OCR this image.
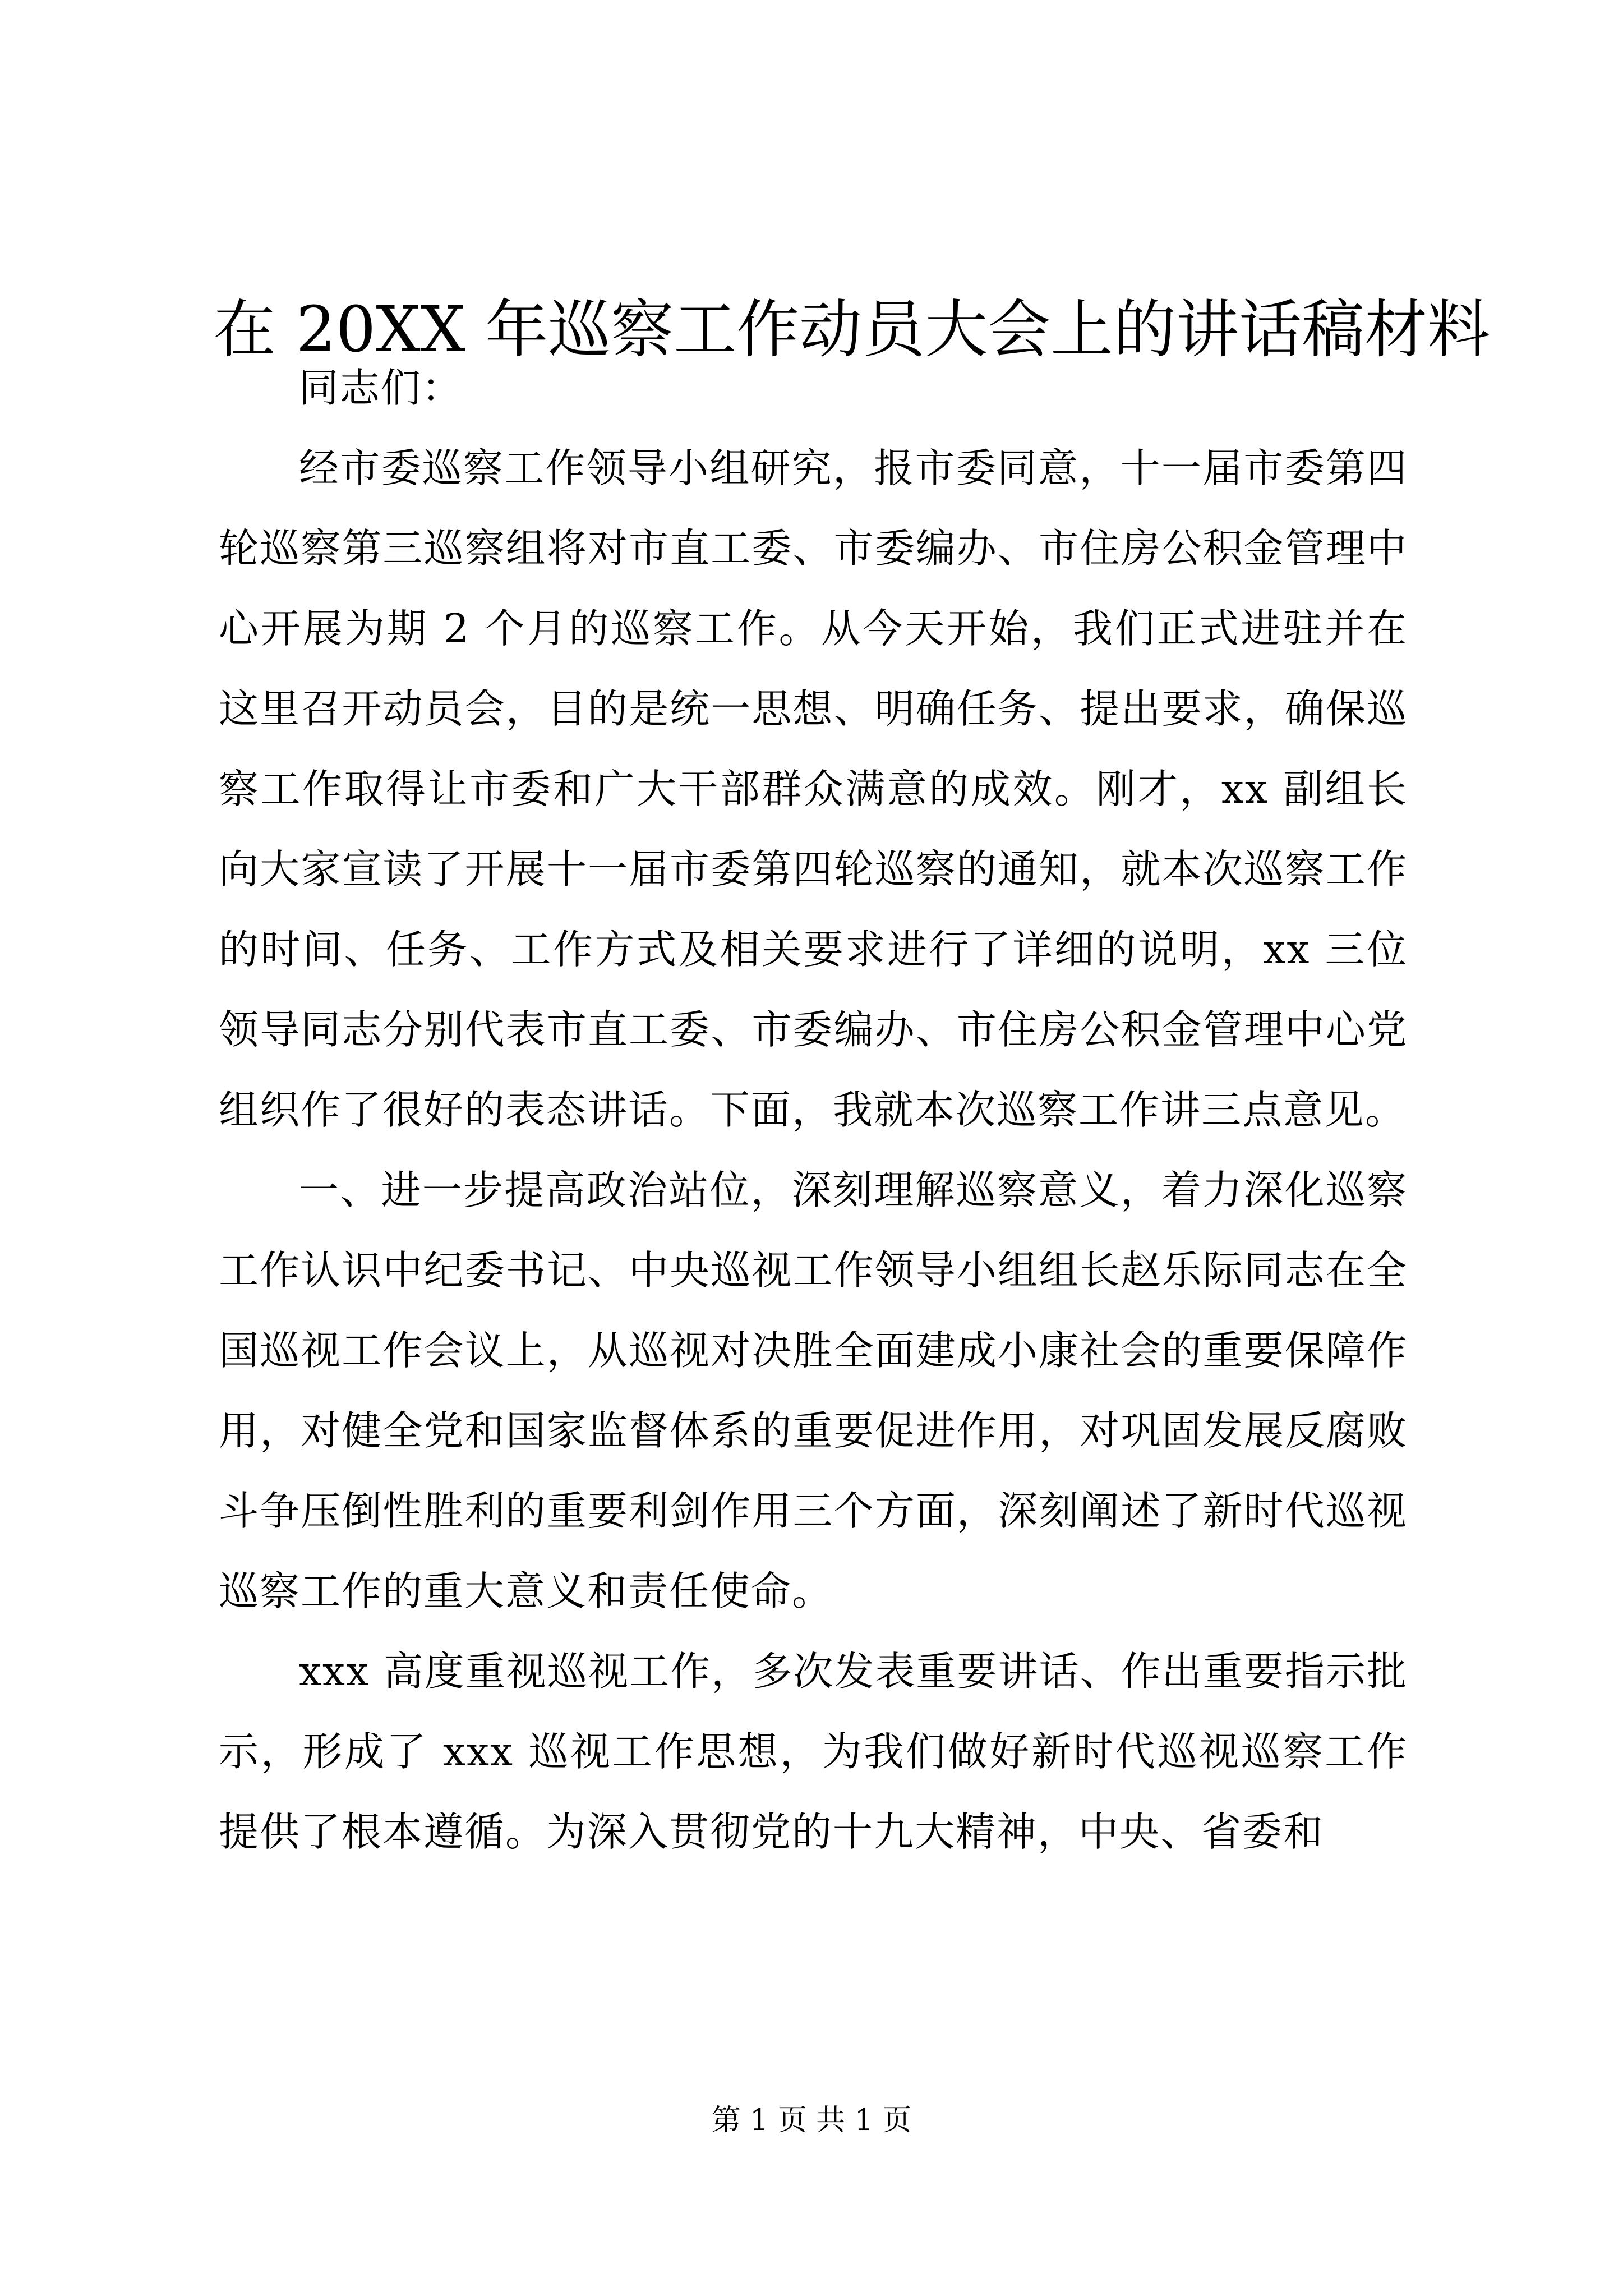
在 20XX 年巡察工作动员大会上的讲话稿材料

同志们：

经市委巡察工作领导小组研究，报市委同意，十一届市委第四轮巡察第三巡察组将对市直工委、市委编办、市住房公积金管理中心开展为期 2 个月的巡察工作。从今天开始，我们正式进驻并在这里召开动员会，目的是统一思想、明确任务、提出要求，确保巡察工作取得让市委和广大干部群众满意的成效。刚才，xx 副组长向大家宣读了开展十一届市委第四轮巡察的通知，就本次巡察工作的时间、任务、工作方式及相关要求进行了详细的说明，xx 三位领导同志分别代表市直工委、市委编办、市住房公积金管理中心党组织作了很好的表态讲话。下面，我就本次巡察工作讲三点意见。

一、进一步提高政治站位，深刻理解巡察意义，着力深化巡察工作认识中纪委书记、中央巡视工作领导小组组长赵乐际同志在全国巡视工作会议上，从巡视对决胜全面建成小康社会的重要保障作用，对健全党和国家监督体系的重要促进作用，对巩固发展反腐败斗争压倒性胜利的重要利剑作用三个方面，深刻阐述了新时代巡视巡察工作的重大意义和责任使命。

xxx 高度重视巡视工作，多次发表重要讲话、作出重要指示批示，形成了 xxx 巡视工作思想，为我们做好新时代巡视巡察工作提供了根本遵循。为深入贯彻党的十九大精神，中央、省委和

第 1 页 共 1 页
